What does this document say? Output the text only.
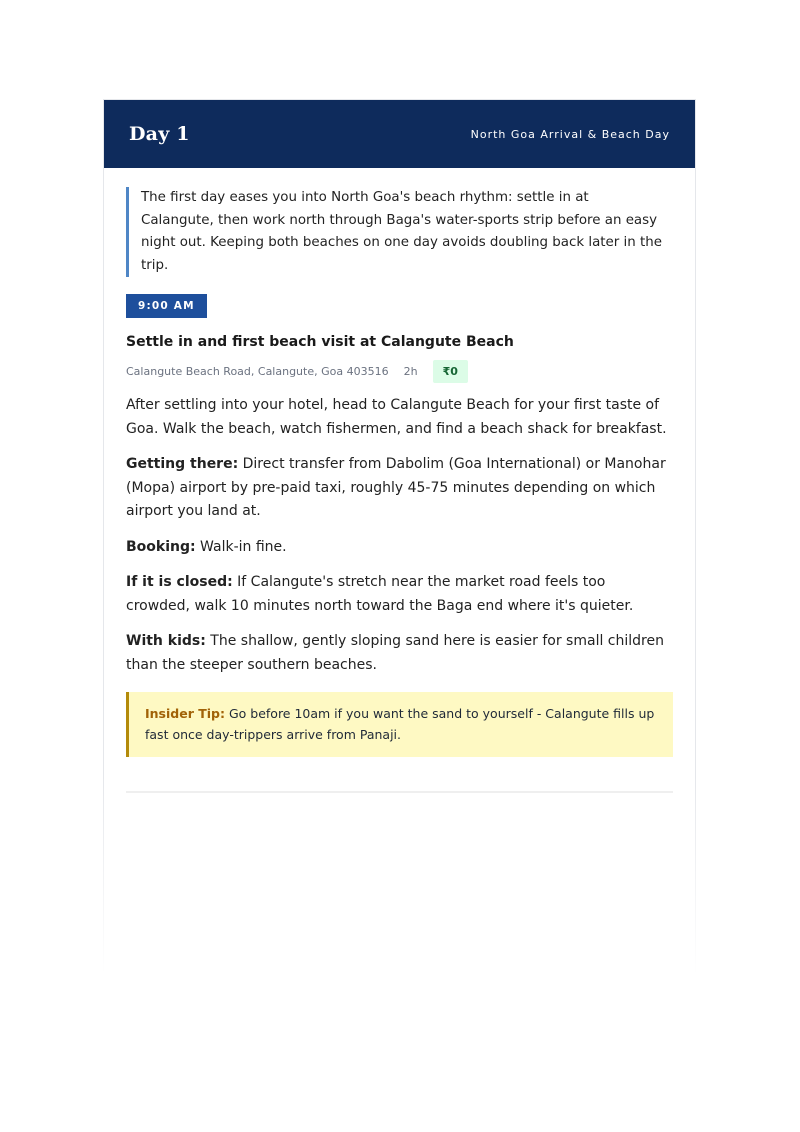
Day 1	North Goa Arrival & Beach Day
The first day eases you into North Goa's beach rhythm: settle in at Calangute, then work north through Baga's water-sports strip before an easy night out. Keeping both beaches on one day avoids doubling back later in the trip.
9:00 AM
Settle in and first beach visit at Calangute Beach
Calangute Beach Road, Calangute, Goa 403516 2h	₹0
After settling into your hotel, head to Calangute Beach for your first taste of Goa. Walk the beach, watch fishermen, and find a beach shack for breakfast.
Getting there: Direct transfer from Dabolim (Goa International) or Manohar (Mopa) airport by pre-paid taxi, roughly 45-75 minutes depending on which airport you land at.
Booking: Walk-in fine.
If it is closed: If Calangute's stretch near the market road feels too crowded, walk 10 minutes north toward the Baga end where it's quieter.
With kids: The shallow, gently sloping sand here is easier for small children than the steeper southern beaches.
Insider Tip: Go before 10am if you want the sand to yourself - Calangute fills up fast once day-trippers arrive from Panaji.
